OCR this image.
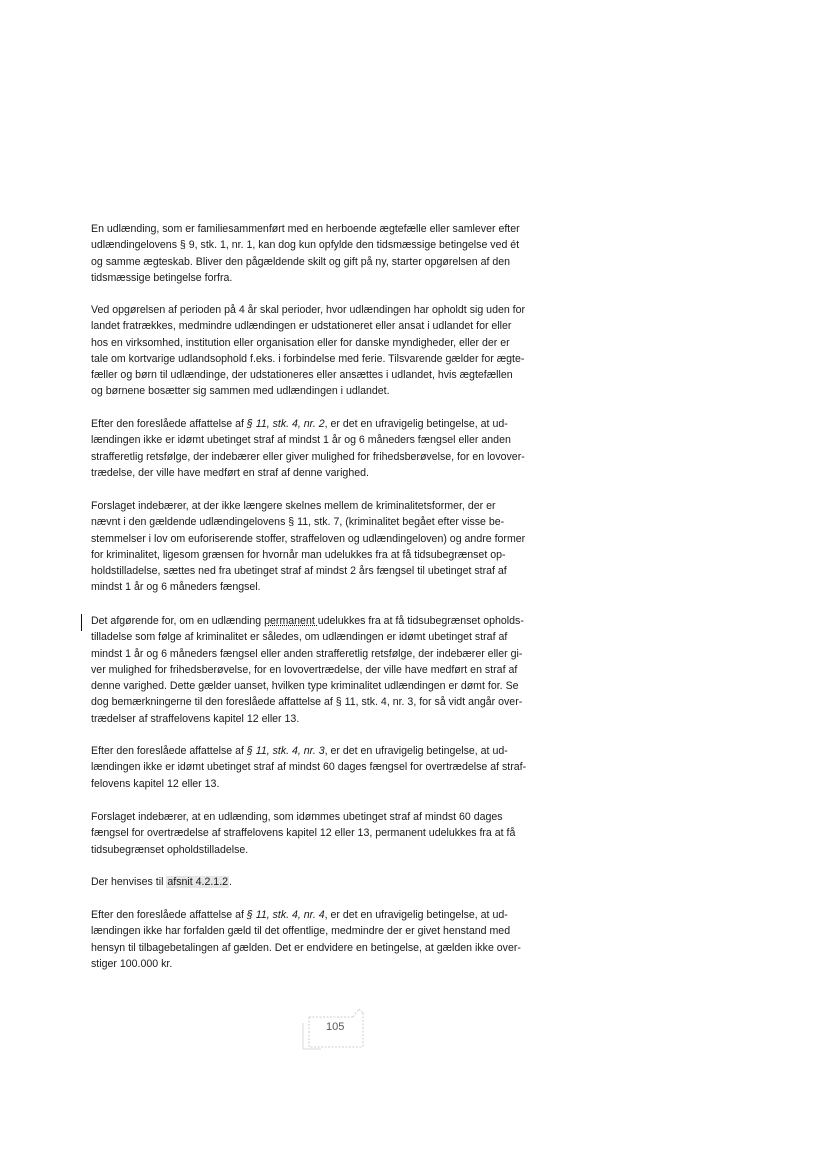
En udlænding, som er familiesammenført med en herboende ægtefælle eller samlever efter
udlændingelovens § 9, stk. 1, nr. 1, kan dog kun opfylde den tidsmæssige betingelse ved ét
og samme ægteskab. Bliver den pågældende skilt og gift på ny, starter opgørelsen af den
tidsmæssige betingelse forfra.
Ved opgørelsen af perioden på 4 år skal perioder, hvor udlændingen har opholdt sig uden for
landet fratrækkes, medmindre udlændingen er udstationeret eller ansat i udlandet for eller
hos en virksomhed, institution eller organisation eller for danske myndigheder, eller der er
tale om kortvarige udlandsophold f.eks. i forbindelse med ferie. Tilsvarende gælder for ægte-
fæller og børn til udlændinge, der udstationeres eller ansættes i udlandet, hvis ægtefællen
og børnene bosætter sig sammen med udlændingen i udlandet.
Efter den foreslåede affattelse af § 11, stk. 4, nr. 2, er det en ufravigelig betingelse, at ud-
lændingen ikke er idømt ubetinget straf af mindst 1 år og 6 måneders fængsel eller anden
strafferetlig retsfølge, der indebærer eller giver mulighed for frihedsberøvelse, for en lovover-
trædelse, der ville have medført en straf af denne varighed.
Forslaget indebærer, at der ikke længere skelnes mellem de kriminalitetsformer, der er
nævnt i den gældende udlændingelovens § 11, stk. 7, (kriminalitet begået efter visse be-
stemmelser i lov om euforiserende stoffer, straffeloven og udlændingeloven) og andre former
for kriminalitet, ligesom grænsen for hvornår man udelukkes fra at få tidsubegrænset op-
holdstilladelse, sættes ned fra ubetinget straf af mindst 2 års fængsel til ubetinget straf af
mindst 1 år og 6 måneders fængsel.
Det afgørende for, om en udlænding permanent udelukkes fra at få tidsubegrænset opholds-
tilladelse som følge af kriminalitet er således, om udlændingen er idømt ubetinget straf af
mindst 1 år og 6 måneders fængsel eller anden strafferetlig retsfølge, der indebærer eller gi-
ver mulighed for frihedsberøvelse, for en lovovertrædelse, der ville have medført en straf af
denne varighed. Dette gælder uanset, hvilken type kriminalitet udlændingen er dømt for. Se
dog bemærkningerne til den foreslåede affattelse af § 11, stk. 4, nr. 3, for så vidt angår over-
trædelser af straffelovens kapitel 12 eller 13.
Efter den foreslåede affattelse af § 11, stk. 4, nr. 3, er det en ufravigelig betingelse, at ud-
lændingen ikke er idømt ubetinget straf af mindst 60 dages fængsel for overtrædelse af straf-
felovens kapitel 12 eller 13.
Forslaget indebærer, at en udlænding, som idømmes ubetinget straf af mindst 60 dages
fængsel for overtrædelse af straffelovens kapitel 12 eller 13, permanent udelukkes fra at få
tidsubegrænset opholdstilladelse.
Der henvises til afsnit 4.2.1.2.
Efter den foreslåede affattelse af § 11, stk. 4, nr. 4, er det en ufravigelig betingelse, at ud-
lændingen ikke har forfalden gæld til det offentlige, medmindre der er givet henstand med
hensyn til tilbagebetalingen af gælden. Det er endvidere en betingelse, at gælden ikke over-
stiger 100.000 kr.
105
